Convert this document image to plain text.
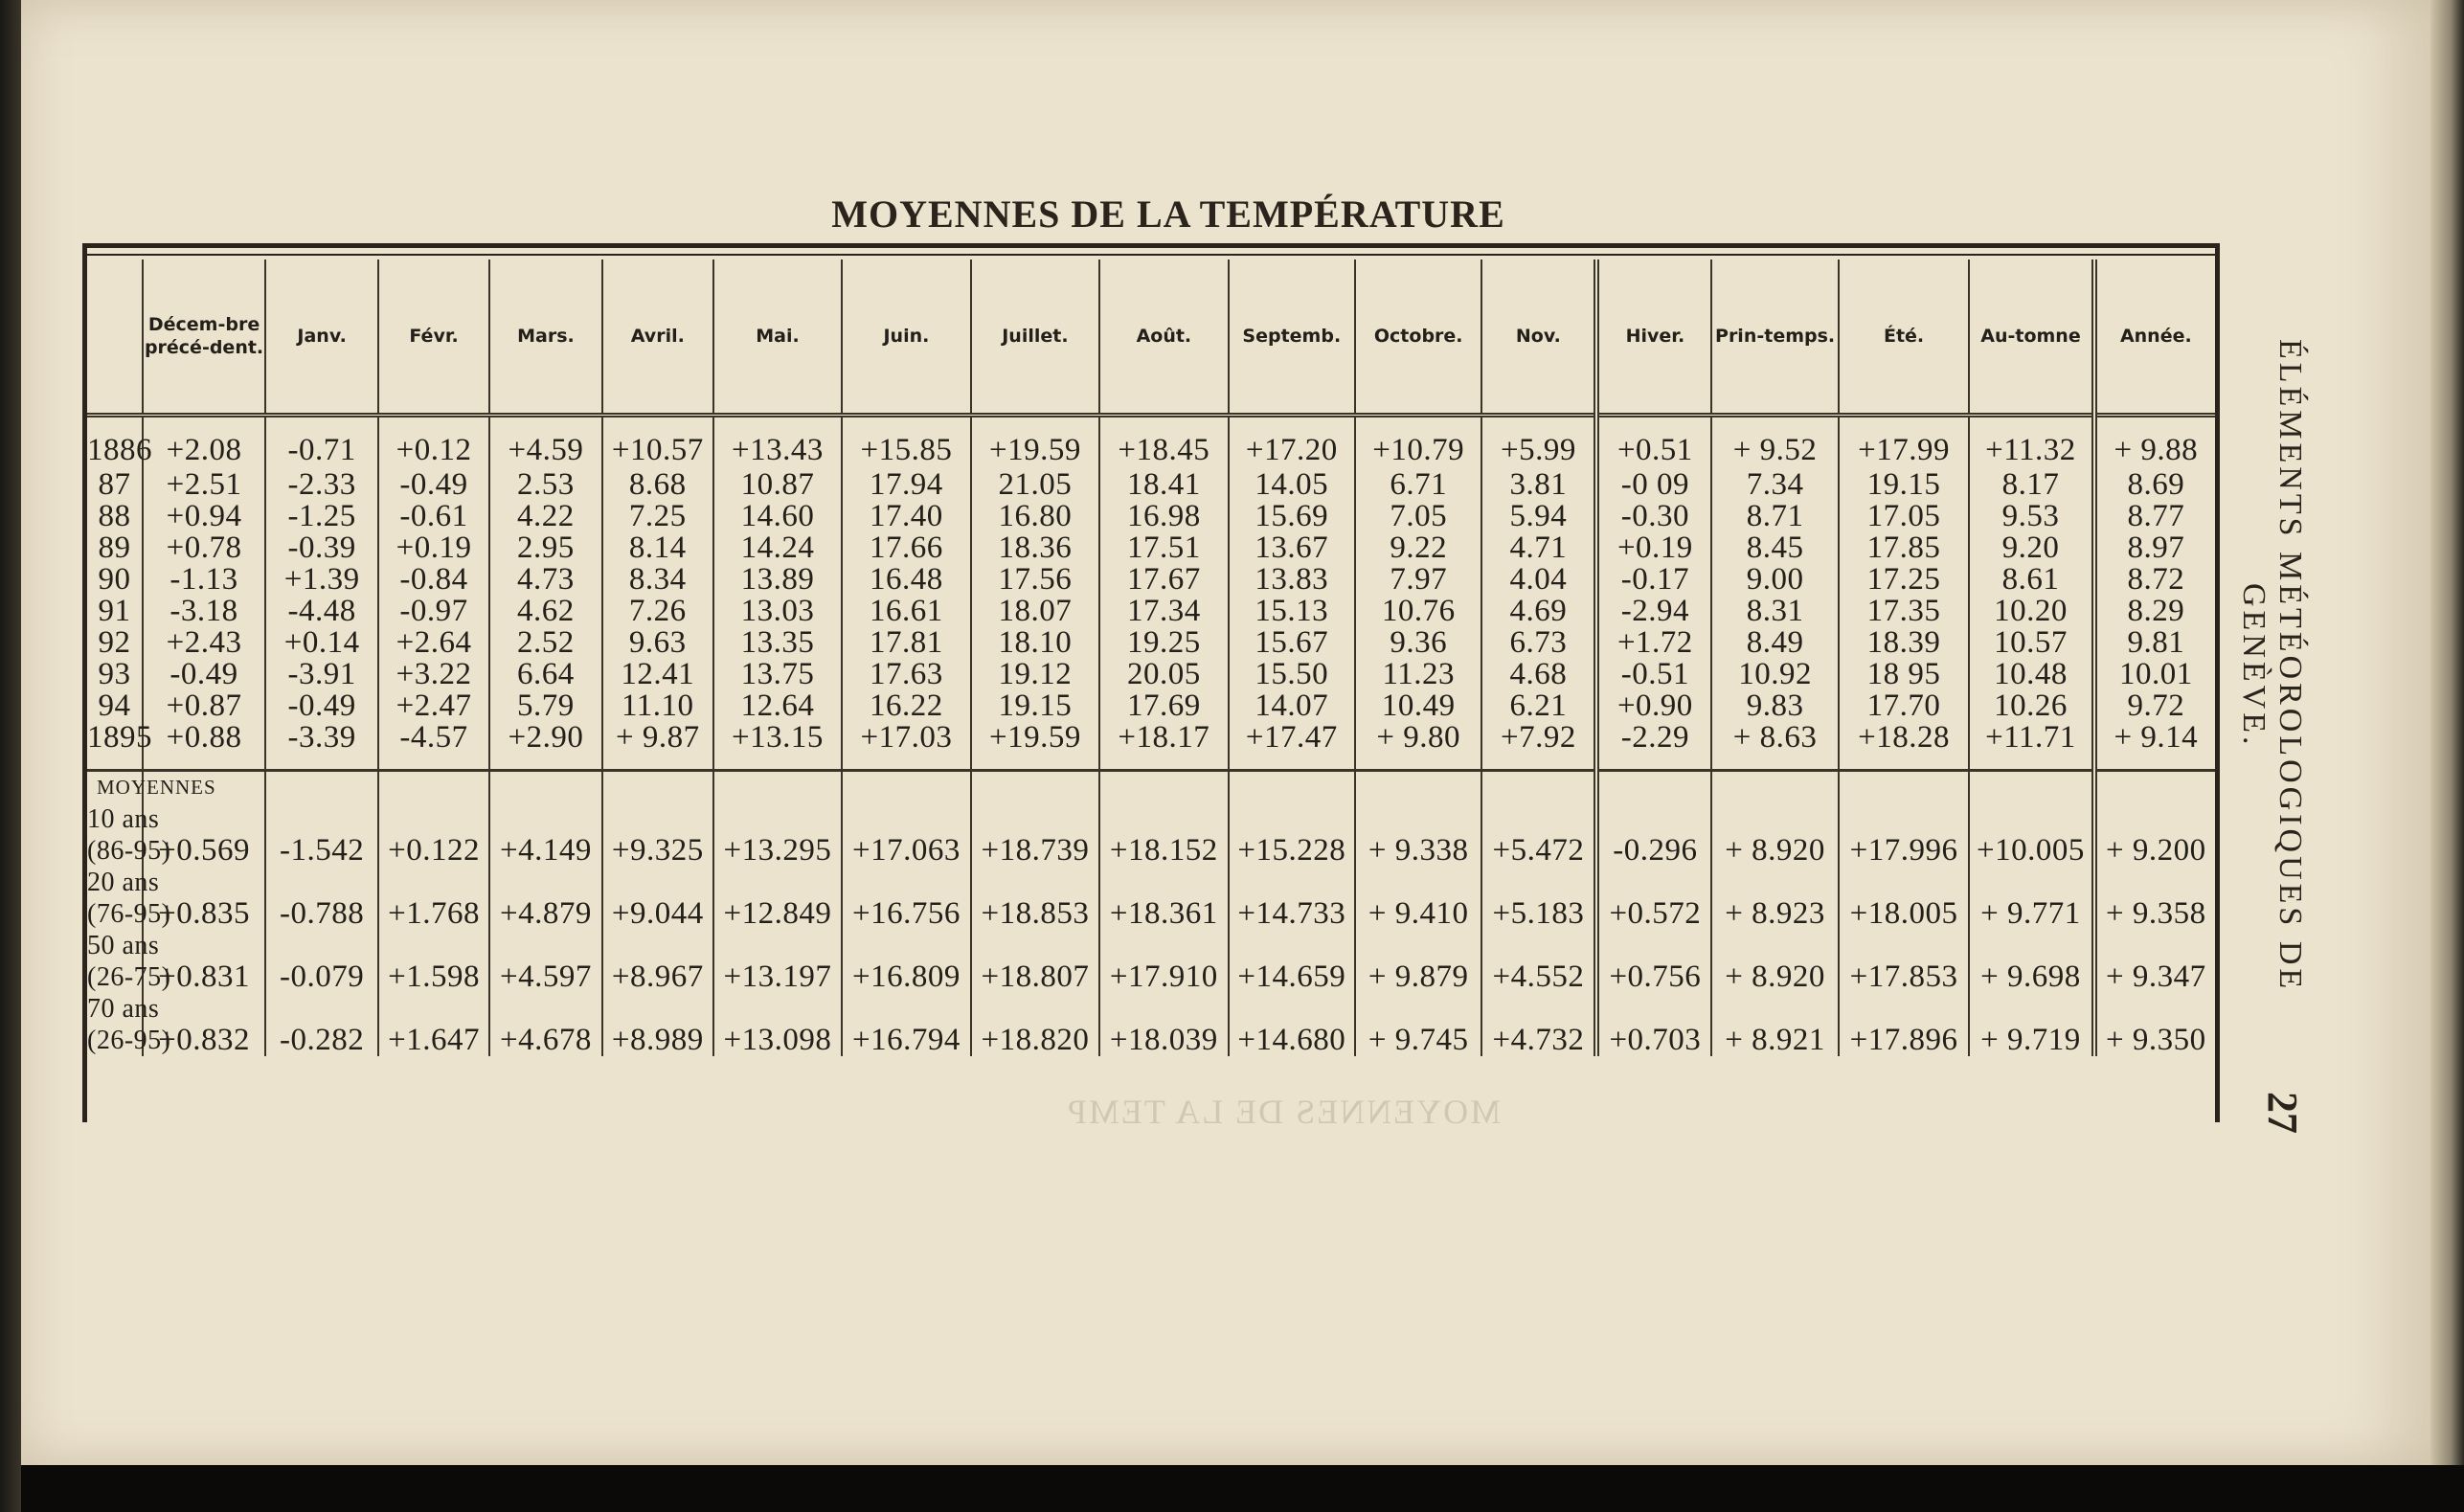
MOYENNES DE LA TEMPÉRATURE
MOYENNES DE LA TEMP
	Décem-bre précé-dent.	Janv.	Févr.	Mars.	Avril.	Mai.	Juin.	Juillet.	Août.	Septemb.	Octobre.	Nov.	Hiver.	Prin-temps.	Été.	Au-tomne	Année.
1886	+2.08	-0.71	+0.12	+4.59	+10.57	+13.43	+15.85	+19.59	+18.45	+17.20	+10.79	+5.99	+0.51	+ 9.52	+17.99	+11.32	+ 9.88
87	+2.51	-2.33	-0.49	2.53	8.68	10.87	17.94	21.05	18.41	14.05	6.71	3.81	-0 09	7.34	19.15	8.17	8.69
88	+0.94	-1.25	-0.61	4.22	7.25	14.60	17.40	16.80	16.98	15.69	7.05	5.94	-0.30	8.71	17.05	9.53	8.77
89	+0.78	-0.39	+0.19	2.95	8.14	14.24	17.66	18.36	17.51	13.67	9.22	4.71	+0.19	8.45	17.85	9.20	8.97
90	-1.13	+1.39	-0.84	4.73	8.34	13.89	16.48	17.56	17.67	13.83	7.97	4.04	-0.17	9.00	17.25	8.61	8.72
91	-3.18	-4.48	-0.97	4.62	7.26	13.03	16.61	18.07	17.34	15.13	10.76	4.69	-2.94	8.31	17.35	10.20	8.29
92	+2.43	+0.14	+2.64	2.52	9.63	13.35	17.81	18.10	19.25	15.67	9.36	6.73	+1.72	8.49	18.39	10.57	9.81
93	-0.49	-3.91	+3.22	6.64	12.41	13.75	17.63	19.12	20.05	15.50	11.23	4.68	-0.51	10.92	18 95	10.48	10.01
94	+0.87	-0.49	+2.47	5.79	11.10	12.64	16.22	19.15	17.69	14.07	10.49	6.21	+0.90	9.83	17.70	10.26	9.72
1895	+0.88	-3.39	-4.57	+2.90	+ 9.87	+13.15	+17.03	+19.59	+18.17	+17.47	+ 9.80	+7.92	-2.29	+ 8.63	+18.28	+11.71	+ 9.14

MOYENNES
10 ans
(86-95)	+0.569	-1.542	+0.122	+4.149	+9.325	+13.295	+17.063	+18.739	+18.152	+15.228	+ 9.338	+5.472	-0.296	+ 8.920	+17.996	+10.005	+ 9.200

20 ans
(76-95)	+0.835	-0.788	+1.768	+4.879	+9.044	+12.849	+16.756	+18.853	+18.361	+14.733	+ 9.410	+5.183	+0.572	+ 8.923	+18.005	+ 9.771	+ 9.358

50 ans
(26-75)	+0.831	-0.079	+1.598	+4.597	+8.967	+13.197	+16.809	+18.807	+17.910	+14.659	+ 9.879	+4.552	+0.756	+ 8.920	+17.853	+ 9.698	+ 9.347

70 ans
(26-95)	+0.832	-0.282	+1.647	+4.678	+8.989	+13.098	+16.794	+18.820	+18.039	+14.680	+ 9.745	+4.732	+0.703	+ 8.921	+17.896	+ 9.719	+ 9.350
ÉLÉMENTS MÉTÉOROLOGIQUES DE GENÈVE.
27
